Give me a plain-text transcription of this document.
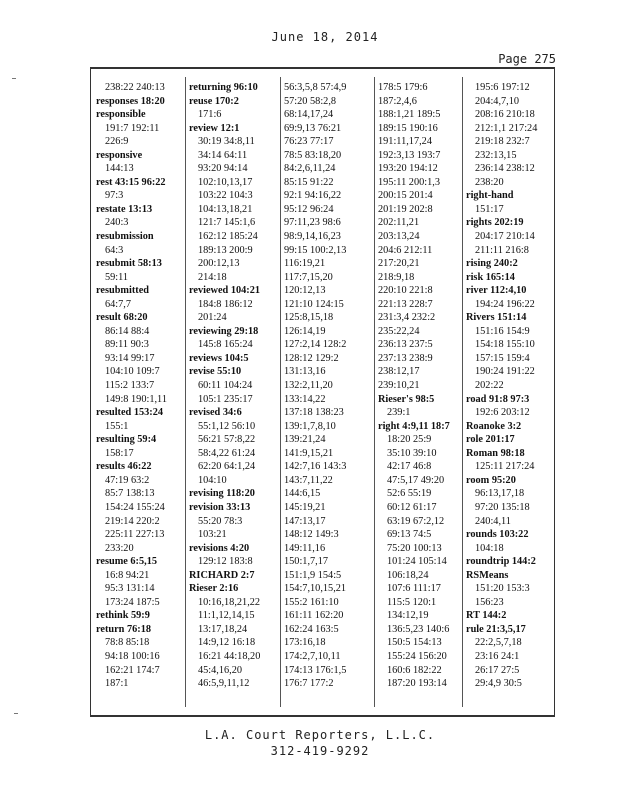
June 18, 2014
Page 275
238:22 240:13
responses 18:20
responsible
191:7 192:11
226:9
responsive
144:13
rest 43:15 96:22
97:3
restate 13:13
240:3
resubmission
64:3
resubmit 58:13
59:11
resubmitted
64:7,7
result 68:20
86:14 88:4
89:11 90:3
93:14 99:17
104:10 109:7
115:2 133:7
149:8 190:1,11
resulted 153:24
155:1
resulting 59:4
158:17
results 46:22
47:19 63:2
85:7 138:13
154:24 155:24
219:14 220:2
225:11 227:13
233:20
resume 6:5,15
16:8 94:21
95:3 131:14
173:24 187:5
rethink 59:9
return 76:18
78:8 85:18
94:18 100:16
162:21 174:7
187:1
returning 96:10
reuse 170:2
171:6
review 12:1
30:19 34:8,11
34:14 64:11
93:20 94:14
102:10,13,17
103:22 104:3
104:13,18,21
121:7 145:1,6
162:12 185:24
189:13 200:9
200:12,13
214:18
reviewed 104:21
184:8 186:12
201:24
reviewing 29:18
145:8 165:24
reviews 104:5
revise 55:10
60:11 104:24
105:1 235:17
revised 34:6
55:1,12 56:10
56:21 57:8,22
58:4,22 61:24
62:20 64:1,24
104:10
revising 118:20
revision 33:13
55:20 78:3
103:21
revisions 4:20
129:12 183:8
RICHARD 2:7
Rieser 2:16
10:16,18,21,22
11:1,12,14,15
13:17,18,24
14:9,12 16:18
16:21 44:18,20
45:4,16,20
46:5,9,11,12
56:3,5,8 57:4,9
57:20 58:2,8
68:14,17,24
69:9,13 76:21
76:23 77:17
78:5 83:18,20
84:2,6,11,24
85:15 91:22
92:1 94:16,22
95:12 96:24
97:11,23 98:6
98:9,14,16,23
99:15 100:2,13
116:19,21
117:7,15,20
120:12,13
121:10 124:15
125:8,15,18
126:14,19
127:2,14 128:2
128:12 129:2
131:13,16
132:2,11,20
133:14,22
137:18 138:23
139:1,7,8,10
139:21,24
141:9,15,21
142:7,16 143:3
143:7,11,22
144:6,15
145:19,21
147:13,17
148:12 149:3
149:11,16
150:1,7,17
151:1,9 154:5
154:7,10,15,21
155:2 161:10
161:11 162:20
162:24 163:5
173:16,18
174:2,7,10,11
174:13 176:1,5
176:7 177:2
178:5 179:6
187:2,4,6
188:1,21 189:5
189:15 190:16
191:11,17,24
192:3,13 193:7
193:20 194:12
195:11 200:1,3
200:15 201:4
201:19 202:8
202:11,21
203:13,24
204:6 212:11
217:20,21
218:9,18
220:10 221:8
221:13 228:7
231:3,4 232:2
235:22,24
236:13 237:5
237:13 238:9
238:12,17
239:10,21
Rieser's 98:5
239:1
right 4:9,11 18:7
18:20 25:9
35:10 39:10
42:17 46:8
47:5,17 49:20
52:6 55:19
60:12 61:17
63:19 67:2,12
69:13 74:5
75:20 100:13
101:24 105:14
106:18,24
107:6 111:17
115:5 120:1
134:12,19
136:5,23 140:6
150:5 154:13
155:24 156:20
160:6 182:22
187:20 193:14
195:6 197:12
204:4,7,10
208:16 210:18
212:1,1 217:24
219:18 232:7
232:13,15
236:14 238:12
238:20
right-hand
151:17
rights 202:19
204:17 210:14
211:11 216:8
rising 240:2
risk 165:14
river 112:4,10
194:24 196:22
Rivers 151:14
151:16 154:9
154:18 155:10
157:15 159:4
190:24 191:22
202:22
road 91:8 97:3
192:6 203:12
Roanoke 3:2
role 201:17
Roman 98:18
125:11 217:24
room 95:20
96:13,17,18
97:20 135:18
240:4,11
rounds 103:22
104:18
roundtrip 144:2
RSMeans
151:20 153:3
156:23
RT 144:2
rule 21:3,5,17
22:2,5,7,18
23:16 24:1
26:17 27:5
29:4,9 30:5
L.A. Court Reporters, L.L.C.
312-419-9292
